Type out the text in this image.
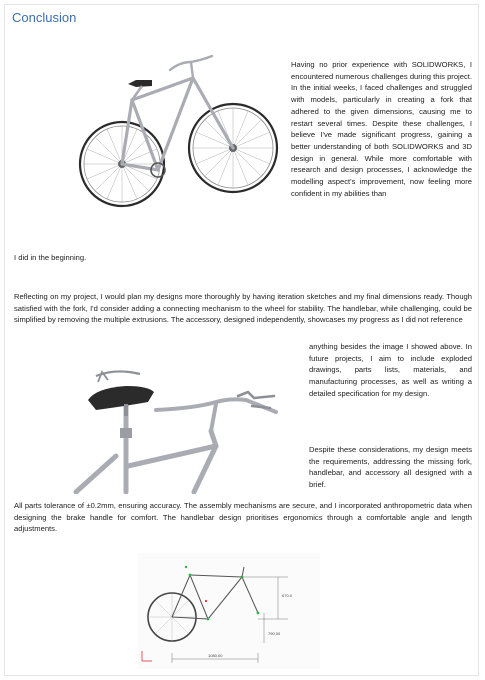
Conclusion
670.0
790.00
1080.00

Having no prior experience with SOLIDWORKS, I encountered numerous challenges during this project. In the initial weeks, I faced challenges and struggled with models, particularly in creating a fork that adhered to the given dimensions, causing me to restart several times. Despite these challenges, I believe I've made significant progress, gaining a better understanding of both SOLIDWORKS and 3D design in general. While more comfortable with research and design processes, I acknowledge the modelling aspect's improvement, now feeling more confident in my abilities than

I did in the beginning.

Reflecting on my project, I would plan my designs more thoroughly by having iteration sketches and my final dimensions ready. Though satisfied with the fork, I'd consider adding a connecting mechanism to the wheel for stability. The handlebar, while challenging, could be simplified by removing the multiple extrusions. The accessory, designed independently, showcases my progress as I did not reference

anything besides the image I showed above. In future projects, I aim to include exploded drawings, parts lists, materials, and manufacturing processes, as well as writing a detailed specification for my design.

Despite these considerations, my design meets the requirements, addressing the missing fork, handlebar, and accessory all designed with a brief.

All parts tolerance of ±0.2mm, ensuring accuracy. The assembly mechanisms are secure, and I incorporated anthropometric data when designing the brake handle for comfort. The handlebar design prioritises ergonomics through a comfortable angle and length adjustments.
